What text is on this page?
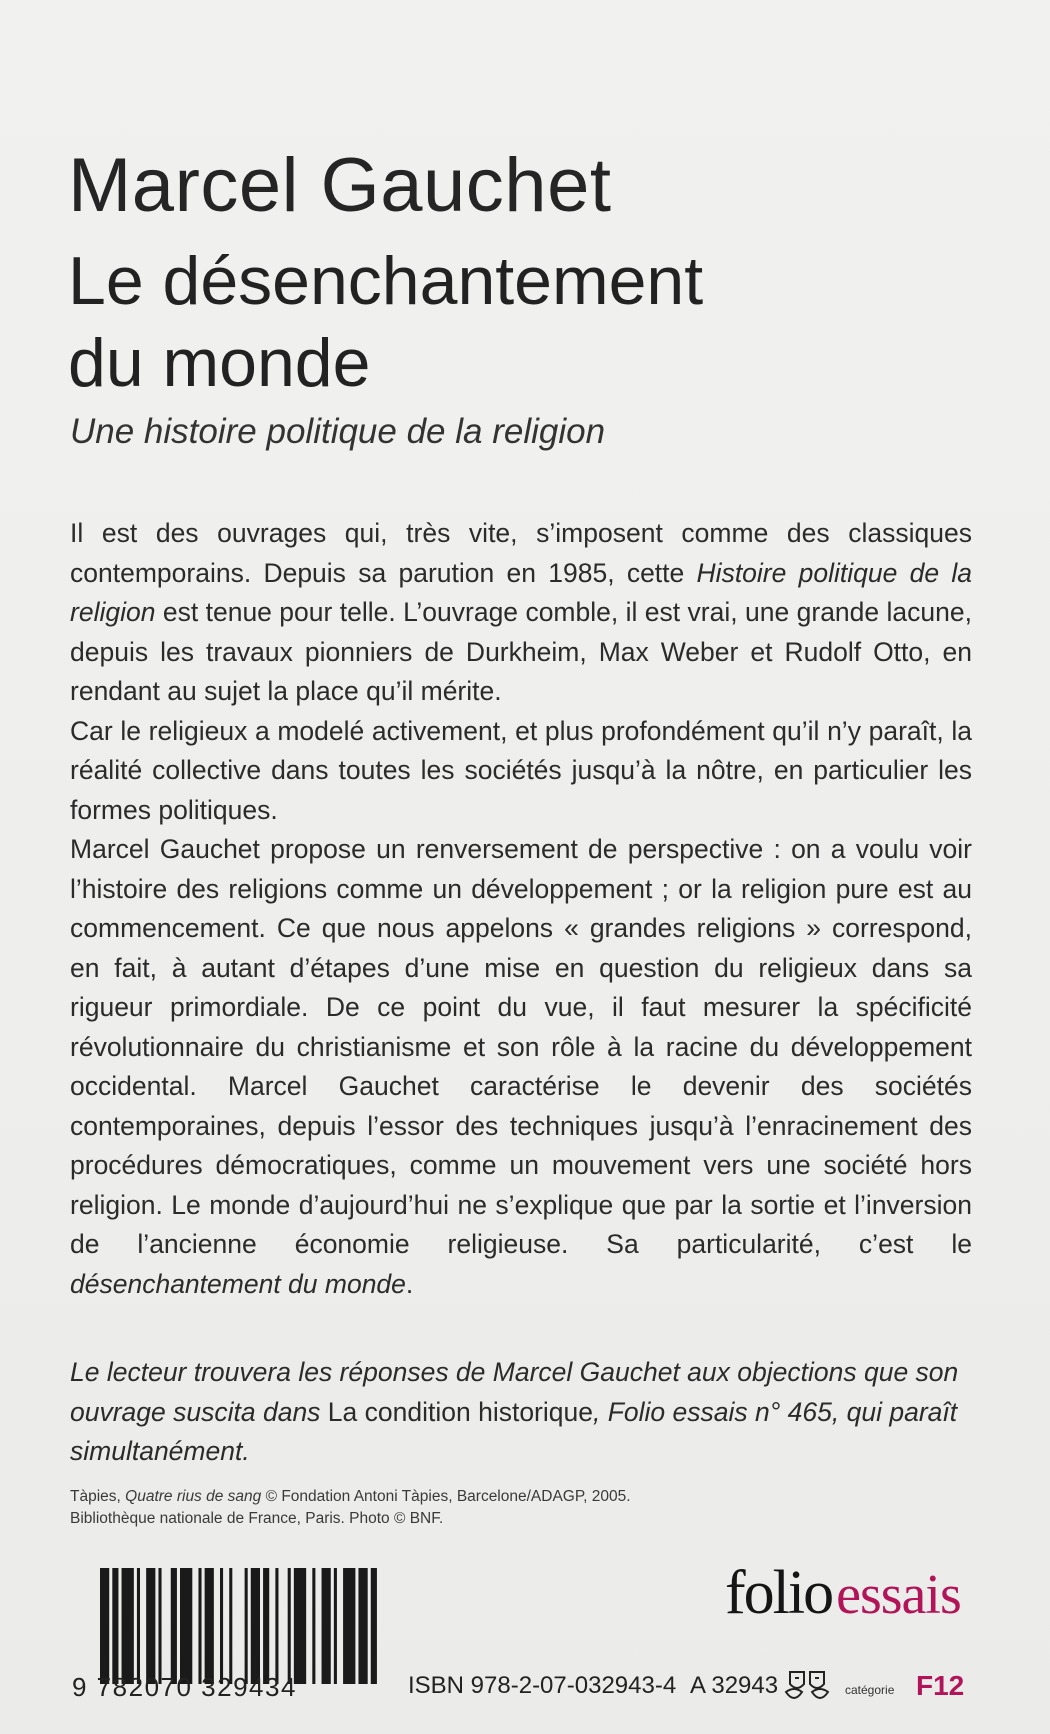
Marcel Gauchet
Le désenchantement
du monde
Une histoire politique de la religion

Il est des ouvrages qui, très vite, s’imposent comme des classiques contemporains. Depuis sa parution en 1985, cette Histoire politique de la religion est tenue pour telle. L’ouvrage comble, il est vrai, une grande lacune, depuis les travaux pionniers de Durkheim, Max Weber et Rudolf Otto, en rendant au sujet la place qu’il mérite.

Car le religieux a modelé activement, et plus profondément qu’il n’y paraît, la réalité collective dans toutes les sociétés jusqu’à la nôtre, en particulier les formes politiques.

Marcel Gauchet propose un renversement de perspective : on a voulu voir l’histoire des religions comme un développement ; or la religion pure est au commencement. Ce que nous appelons « grandes religions » correspond, en fait, à autant d’étapes d’une mise en question du religieux dans sa rigueur primordiale. De ce point du vue, il faut mesurer la spécificité révolutionnaire du christianisme et son rôle à la racine du développement occidental. Marcel Gauchet caractérise le devenir des sociétés contemporaines, depuis l’essor des techniques jusqu’à l’enracinement des procédures démocratiques, comme un mouvement vers une société hors religion. Le monde d’aujourd’hui ne s’explique que par la sortie et l’inversion de l’ancienne économie religieuse. Sa particularité, c’est le désenchantement du monde.

Le lecteur trouvera les réponses de Marcel Gauchet aux objections que son ouvrage suscita dans La condition historique, Folio essais n° 465, qui paraît simultanément.
Tàpies, Quatre rius de sang © Fondation Antoni Tàpies, Barcelone/ADAGP, 2005.
Bibliothèque nationale de France, Paris. Photo © BNF.
folioessais
9 782070 329434	ISBN 978-2-07-032943-4 A 32943	catégorie F12
